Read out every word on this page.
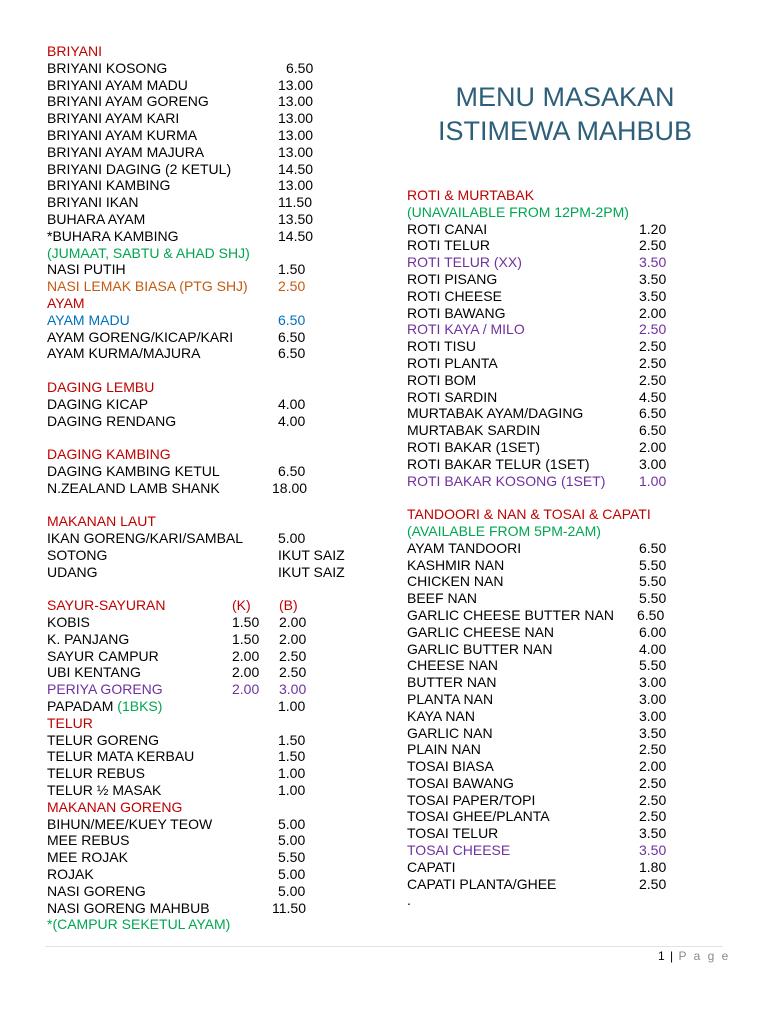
MENU MASAKAN
ISTIMEWA MAHBUB
BRIYANI
BRIYANI KOSONG	6.50
BRIYANI AYAM MADU	13.00
BRIYANI AYAM GORENG	13.00
BRIYANI AYAM KARI	13.00
BRIYANI AYAM KURMA	13.00
BRIYANI AYAM MAJURA	13.00
BRIYANI DAGING (2 KETUL)	14.50
BRIYANI KAMBING	13.00
BRIYANI IKAN	11.50
BUHARA AYAM	13.50
*BUHARA KAMBING	14.50
(JUMAAT, SABTU & AHAD SHJ)
NASI PUTIH	1.50
NASI LEMAK BIASA (PTG SHJ) 2.50
AYAM
AYAM MADU	6.50
AYAM GORENG/KICAP/KARI	6.50
AYAM KURMA/MAJURA	6.50
DAGING LEMBU
DAGING KICAP	4.00
DAGING RENDANG	4.00
DAGING KAMBING
DAGING KAMBING KETUL	6.50
N.ZEALAND LAMB SHANK	18.00
MAKANAN LAUT
IKAN GORENG/KARI/SAMBAL 5.00
SOTONG	IKUT SAIZ
UDANG	IKUT SAIZ
SAYUR-SAYURAN	(K) (B)
KOBIS	1.50 2.00
K. PANJANG	1.50 2.00
SAYUR CAMPUR	2.00 2.50
UBI KENTANG	2.00 2.50
PERIYA GORENG	2.00 3.00
PAPADAM (1BKS)	1.00
TELUR
TELUR GORENG	1.50
TELUR MATA KERBAU	1.50
TELUR REBUS	1.00
TELUR ½ MASAK	1.00
MAKANAN GORENG
BIHUN/MEE/KUEY TEOW	5.00
MEE REBUS	5.00
MEE ROJAK	5.50
ROJAK	5.00
NASI GORENG	5.00
NASI GORENG MAHBUB	11.50
*(CAMPUR SEKETUL AYAM)
ROTI & MURTABAK
(UNAVAILABLE FROM 12PM-2PM)
ROTI CANAI	1.20
ROTI TELUR	2.50
ROTI TELUR (XX)	3.50
ROTI PISANG	3.50
ROTI CHEESE	3.50
ROTI BAWANG	2.00
ROTI KAYA / MILO	2.50
ROTI TISU	2.50
ROTI PLANTA	2.50
ROTI BOM	2.50
ROTI SARDIN	4.50
MURTABAK AYAM/DAGING	6.50
MURTABAK SARDIN	6.50
ROTI BAKAR (1SET)	2.00
ROTI BAKAR TELUR (1SET)	3.00
ROTI BAKAR KOSONG (1SET) 1.00
TANDOORI & NAN & TOSAI & CAPATI
(AVAILABLE FROM 5PM-2AM)
AYAM TANDOORI	6.50
KASHMIR NAN	5.50
CHICKEN NAN	5.50
BEEF NAN	5.50
GARLIC CHEESE BUTTER NAN 6.50
GARLIC CHEESE NAN	6.00
GARLIC BUTTER NAN	4.00
CHEESE NAN	5.50
BUTTER NAN	3.00
PLANTA NAN	3.00
KAYA NAN	3.00
GARLIC NAN	3.50
PLAIN NAN	2.50
TOSAI BIASA	2.00
TOSAI BAWANG	2.50
TOSAI PAPER/TOPI	2.50
TOSAI GHEE/PLANTA	2.50
TOSAI TELUR	3.50
TOSAI CHEESE	3.50
CAPATI	1.80
CAPATI PLANTA/GHEE	2.50
.
1 | P a g e
